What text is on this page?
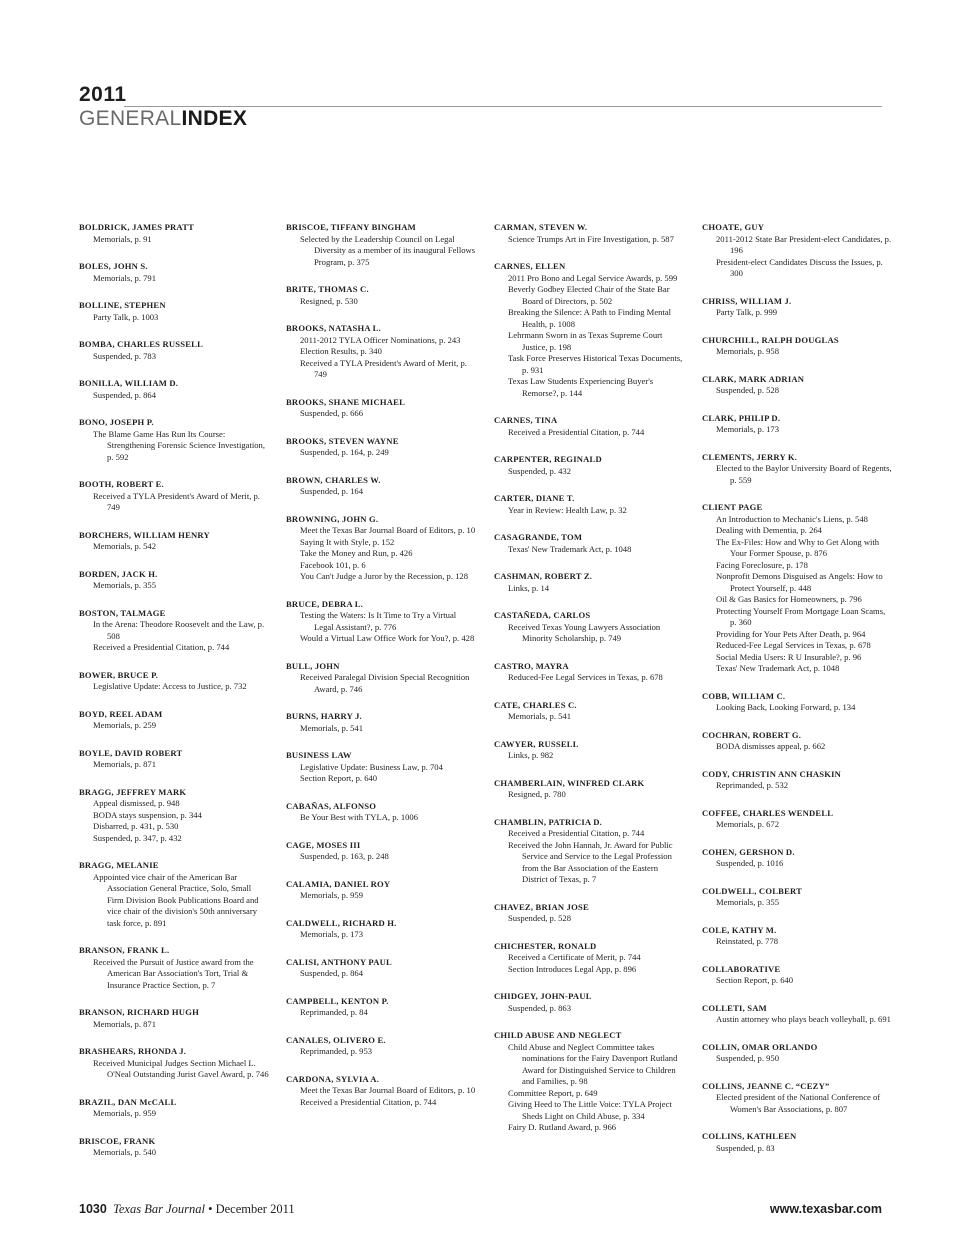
2011
GENERALINDEX
BOLDRICK, JAMES PRATT
Memorials, p. 91
BOLES, JOHN S.
Memorials, p. 791
BOLLINE, STEPHEN
Party Talk, p. 1003
BOMBA, CHARLES RUSSELL
Suspended, p. 783
BONILLA, WILLIAM D.
Suspended, p. 864
BONO, JOSEPH P.
The Blame Game Has Run Its Course: Strengthening Forensic Science Investigation, p. 592
BOOTH, ROBERT E.
Received a TYLA President's Award of Merit, p. 749
BORCHERS, WILLIAM HENRY
Memorials, p. 542
BORDEN, JACK H.
Memorials, p. 355
BOSTON, TALMAGE
In the Arena: Theodore Roosevelt and the Law, p. 508
Received a Presidential Citation, p. 744
BOWER, BRUCE P.
Legislative Update: Access to Justice, p. 732
BOYD, REEL ADAM
Memorials, p. 259
BOYLE, DAVID ROBERT
Memorials, p. 871
BRAGG, JEFFREY MARK
Appeal dismissed, p. 948
BODA stays suspension, p. 344
Disbarred, p. 431, p. 530
Suspended, p. 347, p. 432
BRAGG, MELANIE
Appointed vice chair of the American Bar Association General Practice, Solo, Small Firm Division Book Publications Board and vice chair of the division's 50th anniversary task force, p. 891
BRANSON, FRANK L.
Received the Pursuit of Justice award from the American Bar Association's Tort, Trial & Insurance Practice Section, p. 7
BRANSON, RICHARD HUGH
Memorials, p. 871
BRASHEARS, RHONDA J.
Received Municipal Judges Section Michael L. O'Neal Outstanding Jurist Gavel Award, p. 746
BRAZIL, DAN McCALL
Memorials, p. 959
BRISCOE, FRANK
Memorials, p. 540
BRISCOE, TIFFANY BINGHAM
Selected by the Leadership Council on Legal Diversity as a member of its inaugural Fellows Program, p. 375
BRITE, THOMAS C.
Resigned, p. 530
BROOKS, NATASHA L.
2011-2012 TYLA Officer Nominations, p. 243
Election Results, p. 340
Received a TYLA President's Award of Merit, p. 749
BROOKS, SHANE MICHAEL
Suspended, p. 666
BROOKS, STEVEN WAYNE
Suspended, p. 164, p. 249
BROWN, CHARLES W.
Suspended, p. 164
BROWNING, JOHN G.
Meet the Texas Bar Journal Board of Editors, p. 10
Saying It with Style, p. 152
Take the Money and Run, p. 426
Facebook 101, p. 6
You Can't Judge a Juror by the Recession, p. 128
BRUCE, DEBRA L.
Testing the Waters: Is It Time to Try a Virtual Legal Assistant?, p. 776
Would a Virtual Law Office Work for You?, p. 428
BULL, JOHN
Received Paralegal Division Special Recognition Award, p. 746
BURNS, HARRY J.
Memorials, p. 541
BUSINESS LAW
Legislative Update: Business Law, p. 704
Section Report, p. 640
CABAÑAS, ALFONSO
Be Your Best with TYLA, p. 1006
CAGE, MOSES III
Suspended, p. 163, p. 248
CALAMIA, DANIEL ROY
Memorials, p. 959
CALDWELL, RICHARD H.
Memorials, p. 173
CALISI, ANTHONY PAUL
Suspended, p. 864
CAMPBELL, KENTON P.
Reprimanded, p. 84
CANALES, OLIVERO E.
Reprimanded, p. 953
CARDONA, SYLVIA A.
Meet the Texas Bar Journal Board of Editors, p. 10
Received a Presidential Citation, p. 744
CARMAN, STEVEN W.
Science Trumps Art in Fire Investigation, p. 587
CARNES, ELLEN
2011 Pro Bono and Legal Service Awards, p. 599
Beverly Godbey Elected Chair of the State Bar Board of Directors, p. 502
Breaking the Silence: A Path to Finding Mental Health, p. 1008
Lehrmann Sworn in as Texas Supreme Court Justice, p. 198
Task Force Preserves Historical Texas Documents, p. 931
Texas Law Students Experiencing Buyer's Remorse?, p. 144
CARNES, TINA
Received a Presidential Citation, p. 744
CARPENTER, REGINALD
Suspended, p. 432
CARTER, DIANE T.
Year in Review: Health Law, p. 32
CASAGRANDE, TOM
Texas' New Trademark Act, p. 1048
CASHMAN, ROBERT Z.
Links, p. 14
CASTAÑEDA, CARLOS
Received Texas Young Lawyers Association Minority Scholarship, p. 749
CASTRO, MAYRA
Reduced-Fee Legal Services in Texas, p. 678
CATE, CHARLES C.
Memorials, p. 541
CAWYER, RUSSELL
Links, p. 982
CHAMBERLAIN, WINFRED CLARK
Resigned, p. 780
CHAMBLIN, PATRICIA D.
Received a Presidential Citation, p. 744
Received the John Hannah, Jr. Award for Public Service and Service to the Legal Profession from the Bar Association of the Eastern District of Texas, p. 7
CHAVEZ, BRIAN JOSE
Suspended, p. 528
CHICHESTER, RONALD
Received a Certificate of Merit, p. 744
Section Introduces Legal App, p. 896
CHIDGEY, JOHN-PAUL
Suspended, p. 863
CHILD ABUSE AND NEGLECT
Child Abuse and Neglect Committee takes nominations for the Fairy Davenport Rutland Award for Distinguished Service to Children and Families, p. 98
Committee Report, p. 649
Giving Heed to The Little Voice: TYLA Project Sheds Light on Child Abuse, p. 334
Fairy D. Rutland Award, p. 966
CHOATE, GUY
2011-2012 State Bar President-elect Candidates, p. 196
President-elect Candidates Discuss the Issues, p. 300
CHRISS, WILLIAM J.
Party Talk, p. 999
CHURCHILL, RALPH DOUGLAS
Memorials, p. 958
CLARK, MARK ADRIAN
Suspended, p. 528
CLARK, PHILIP D.
Memorials, p. 173
CLEMENTS, JERRY K.
Elected to the Baylor University Board of Regents, p. 559
CLIENT PAGE
An Introduction to Mechanic's Liens, p. 548
Dealing with Dementia, p. 264
The Ex-Files: How and Why to Get Along with Your Former Spouse, p. 876
Facing Foreclosure, p. 178
Nonprofit Demons Disguised as Angels: How to Protect Yourself, p. 448
Oil & Gas Basics for Homeowners, p. 796
Protecting Yourself From Mortgage Loan Scams, p. 360
Providing for Your Pets After Death, p. 964
Reduced-Fee Legal Services in Texas, p. 678
Social Media Users: R U Insurable?, p. 96
Texas' New Trademark Act, p. 1048
COBB, WILLIAM C.
Looking Back, Looking Forward, p. 134
COCHRAN, ROBERT G.
BODA dismisses appeal, p. 662
CODY, CHRISTIN ANN CHASKIN
Reprimanded, p. 532
COFFEE, CHARLES WENDELL
Memorials, p. 672
COHEN, GERSHON D.
Suspended, p. 1016
COLDWELL, COLBERT
Memorials, p. 355
COLE, KATHY M.
Reinstated, p. 778
COLLABORATIVE
Section Report, p. 640
COLLETI, SAM
Austin attorney who plays beach volleyball, p. 691
COLLIN, OMAR ORLANDO
Suspended, p. 950
COLLINS, JEANNE C. “CEZY”
Elected president of the National Conference of Women's Bar Associations, p. 807
COLLINS, KATHLEEN
Suspended, p. 83
1030 Texas Bar Journal • December 2011	www.texasbar.com
